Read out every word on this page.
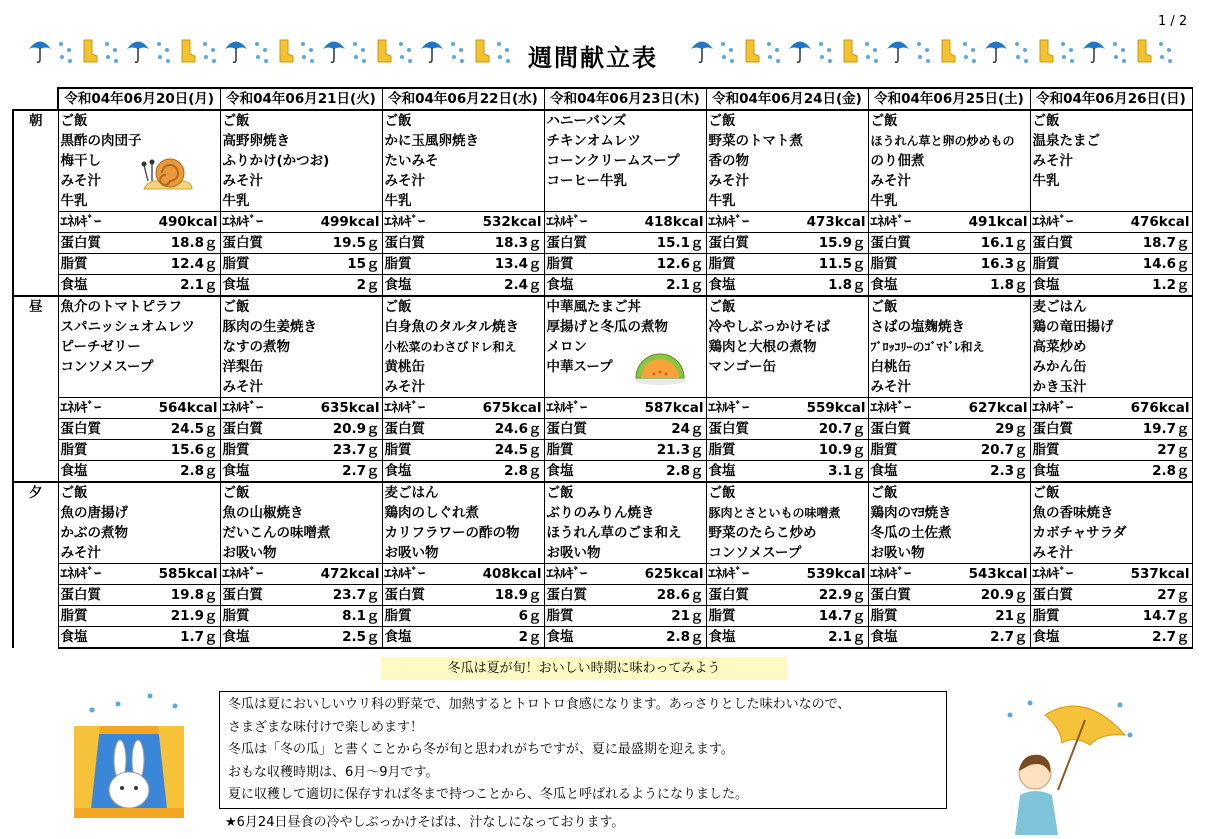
1 / 2
週間献立表
	令和04年06月20日(月)		令和04年06月21日(火)		令和04年06月22日(水)		令和04年06月23日(木)		令和04年06月24日(金)		令和04年06月25日(土)		令和04年06月26日(日)	
朝	ご飯		ご飯		ご飯		ハニーバンズ		ご飯		ご飯		ご飯	
	黒酢の肉団子		高野卵焼き		かに玉風卵焼き		チキンオムレツ		野菜のトマト煮		ほうれん草と卵の炒めもの		温泉たまご	
	梅干し		ふりかけ(かつお)		たいみそ		コーンクリームスープ		香の物		のり佃煮		みそ汁	
	みそ汁		みそ汁		みそ汁		コーヒー牛乳		みそ汁		みそ汁		牛乳	
	牛乳		牛乳		牛乳				牛乳		牛乳			
	ｴﾈﾙｷﾞｰ	490kcal	ｴﾈﾙｷﾞｰ	499kcal	ｴﾈﾙｷﾞｰ	532kcal	ｴﾈﾙｷﾞｰ	418kcal	ｴﾈﾙｷﾞｰ	473kcal	ｴﾈﾙｷﾞｰ	491kcal	ｴﾈﾙｷﾞｰ	476kcal
	蛋白質	18.8ｇ	蛋白質	19.5ｇ	蛋白質	18.3ｇ	蛋白質	15.1ｇ	蛋白質	15.9ｇ	蛋白質	16.1ｇ	蛋白質	18.7ｇ
	脂質	12.4ｇ	脂質	15ｇ	脂質	13.4ｇ	脂質	12.6ｇ	脂質	11.5ｇ	脂質	16.3ｇ	脂質	14.6ｇ
	食塩	2.1ｇ	食塩	2ｇ	食塩	2.4ｇ	食塩	2.1ｇ	食塩	1.8ｇ	食塩	1.8ｇ	食塩	1.2ｇ
昼	魚介のトマトピラフ		ご飯		ご飯		中華風たまご丼		ご飯		ご飯		麦ごはん	
	スパニッシュオムレツ		豚肉の生姜焼き		白身魚のタルタル焼き		厚揚げと冬瓜の煮物		冷やしぶっかけそば		さばの塩麹焼き		鶏の竜田揚げ	
	ピーチゼリー		なすの煮物		小松菜のわさびドレ和え		メロン		鶏肉と大根の煮物		ﾌﾞﾛｯｺﾘｰのｺﾞﾏﾄﾞﾚ和え		高菜炒め	
	コンソメスープ		洋梨缶		黄桃缶		中華スープ		マンゴー缶		白桃缶		みかん缶	
			みそ汁		みそ汁						みそ汁		かき玉汁	
	ｴﾈﾙｷﾞｰ	564kcal	ｴﾈﾙｷﾞｰ	635kcal	ｴﾈﾙｷﾞｰ	675kcal	ｴﾈﾙｷﾞｰ	587kcal	ｴﾈﾙｷﾞｰ	559kcal	ｴﾈﾙｷﾞｰ	627kcal	ｴﾈﾙｷﾞｰ	676kcal
	蛋白質	24.5ｇ	蛋白質	20.9ｇ	蛋白質	24.6ｇ	蛋白質	24ｇ	蛋白質	20.7ｇ	蛋白質	29ｇ	蛋白質	19.7ｇ
	脂質	15.6ｇ	脂質	23.7ｇ	脂質	24.5ｇ	脂質	21.3ｇ	脂質	10.9ｇ	脂質	20.7ｇ	脂質	27ｇ
	食塩	2.8ｇ	食塩	2.7ｇ	食塩	2.8ｇ	食塩	2.8ｇ	食塩	3.1ｇ	食塩	2.3ｇ	食塩	2.8ｇ
夕	ご飯		ご飯		麦ごはん		ご飯		ご飯		ご飯		ご飯	
	魚の唐揚げ		魚の山椒焼き		鶏肉のしぐれ煮		ぶりのみりん焼き		豚肉とさといもの味噌煮		鶏肉のﾏﾖ焼き		魚の香味焼き	
	かぶの煮物		だいこんの味噌煮		カリフラワーの酢の物		ほうれん草のごま和え		野菜のたらこ炒め		冬瓜の土佐煮		カボチャサラダ	
	みそ汁		お吸い物		お吸い物		お吸い物		コンソメスープ		お吸い物		みそ汁	
	ｴﾈﾙｷﾞｰ	585kcal	ｴﾈﾙｷﾞｰ	472kcal	ｴﾈﾙｷﾞｰ	408kcal	ｴﾈﾙｷﾞｰ	625kcal	ｴﾈﾙｷﾞｰ	539kcal	ｴﾈﾙｷﾞｰ	543kcal	ｴﾈﾙｷﾞｰ	537kcal
	蛋白質	19.8ｇ	蛋白質	23.7ｇ	蛋白質	18.9ｇ	蛋白質	28.6ｇ	蛋白質	22.9ｇ	蛋白質	20.9ｇ	蛋白質	27ｇ
	脂質	21.9ｇ	脂質	8.1ｇ	脂質	6ｇ	脂質	21ｇ	脂質	14.7ｇ	脂質	21ｇ	脂質	14.7ｇ
	食塩	1.7ｇ	食塩	2.5ｇ	食塩	2ｇ	食塩	2.8ｇ	食塩	2.1ｇ	食塩	2.7ｇ	食塩	2.7ｇ
冬瓜は夏が旬！おいしい時期に味わってみよう
冬瓜は夏においしいウリ科の野菜で、加熱するとトロトロ食感になります。あっさりとした味わいなので、
さまざまな味付けで楽しめます！
冬瓜は「冬の瓜」と書くことから冬が旬と思われがちですが、夏に最盛期を迎えます。
おもな収穫時期は、6月～9月です。
夏に収穫して適切に保存すれば冬まで持つことから、冬瓜と呼ばれるようになりました。
★6月24日昼食の冷やしぶっかけそばは、汁なしになっております。
